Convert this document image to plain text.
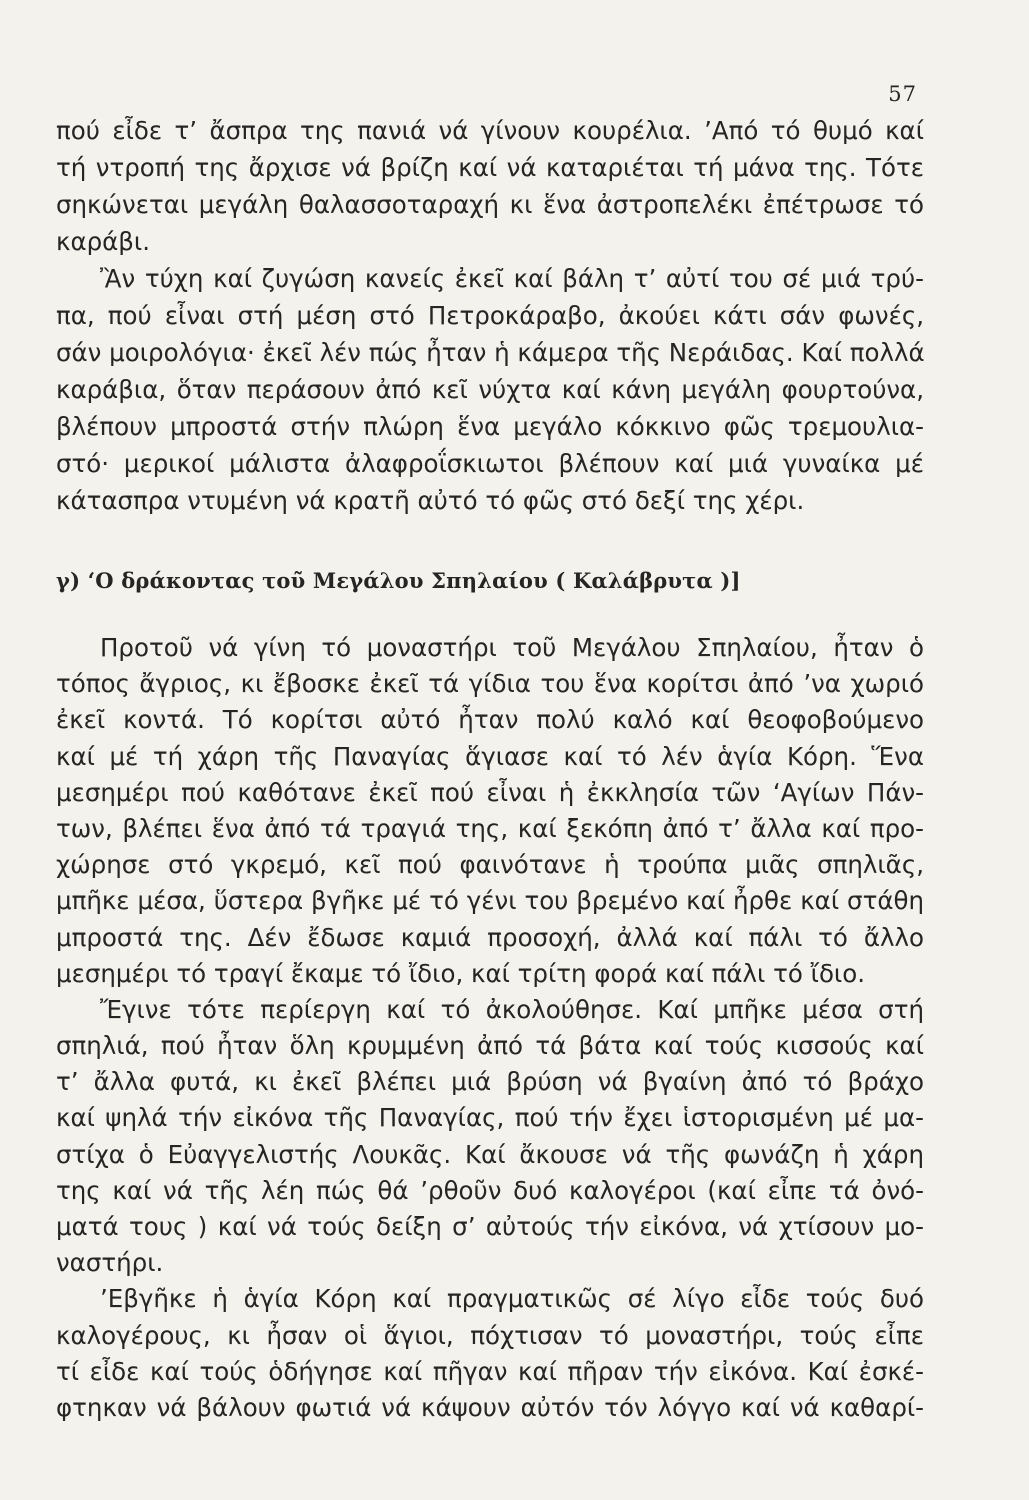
57
πού εἶδε τ’ ἄσπρα της πανιά νά γίνουν κουρέλια. ’Από τό θυμό καί
τή ντροπή της ἄρχισε νά βρίζη καί νά καταριέται τή μάνα της. Τότε
σηκώνεται μεγάλη θαλασσοταραχή κι ἕνα ἀστροπελέκι ἐπέτρωσε τό
καράβι.
Ἂν τύχη καί ζυγώση κανείς ἐκεῖ καί βάλη τ’ αὐτί του σέ μιά τρύ-
πα, πού εἶναι στή μέση στό Πετροκάραβο, ἀκούει κάτι σάν φωνές,
σάν μοιρολόγια· ἐκεῖ λέν πώς ἦταν ἡ κάμερα τῆς Νεράιδας. Καί πολλά
καράβια, ὅταν περάσουν ἀπό κεῖ νύχτα καί κάνη μεγάλη φουρτούνα,
βλέπουν μπροστά στήν πλώρη ἕνα μεγάλο κόκκινο φῶς τρεμουλια-
στό· μερικοί μάλιστα ἀλαφροΐσκιωτοι βλέπουν καί μιά γυναίκα μέ
κάτασπρα ντυμένη νά κρατῆ αὐτό τό φῶς στό δεξί της χέρι.
γ) ‘Ο δράκοντας τοῦ Μεγάλου Σπηλαίου ( Καλάβρυτα )]
Προτοῦ νά γίνη τό μοναστήρι τοῦ Μεγάλου Σπηλαίου, ἦταν ὁ
τόπος ἄγριος, κι ἔβοσκε ἐκεῖ τά γίδια του ἕνα κορίτσι ἀπό ’να χωριό
ἐκεῖ κοντά. Τό κορίτσι αὐτό ἦταν πολύ καλό καί θεοφοβούμενο
καί μέ τή χάρη τῆς Παναγίας ἅγιασε καί τό λέν ἁγία Κόρη. Ἕνα
μεσημέρι πού καθότανε ἐκεῖ πού εἶναι ἡ ἐκκλησία τῶν ‘Αγίων Πάν-
των, βλέπει ἕνα ἀπό τά τραγιά της, καί ξεκόπη ἀπό τ’ ἄλλα καί προ-
χώρησε στό γκρεμό, κεῖ πού φαινότανε ἡ τρούπα μιᾶς σπηλιᾶς,
μπῆκε μέσα, ὕστερα βγῆκε μέ τό γένι του βρεμένο καί ἦρθε καί στάθη
μπροστά της. Δέν ἔδωσε καμιά προσοχή, ἀλλά καί πάλι τό ἄλλο
μεσημέρι τό τραγί ἔκαμε τό ἴδιο, καί τρίτη φορά καί πάλι τό ἴδιο.
Ἔγινε τότε περίεργη καί τό ἀκολούθησε. Καί μπῆκε μέσα στή
σπηλιά, πού ἦταν ὅλη κρυμμένη ἀπό τά βάτα καί τούς κισσούς καί
τ’ ἄλλα φυτά, κι ἐκεῖ βλέπει μιά βρύση νά βγαίνη ἀπό τό βράχο
καί ψηλά τήν εἰκόνα τῆς Παναγίας, πού τήν ἔχει ἱστορισμένη μέ μα-
στίχα ὁ Εὐαγγελιστής Λουκᾶς. Καί ἄκουσε νά τῆς φωνάζη ἡ χάρη
της καί νά τῆς λέη πώς θά ’ρθοῦν δυό καλογέροι (καί εἶπε τά ὀνό-
ματά τους ) καί νά τούς δείξη σ’ αὐτούς τήν εἰκόνα, νά χτίσουν μο-
ναστήρι.
’Εβγῆκε ἡ ἁγία Κόρη καί πραγματικῶς σέ λίγο εἶδε τούς δυό
καλογέρους, κι ἦσαν οἱ ἅγιοι, πόχτισαν τό μοναστήρι, τούς εἶπε
τί εἶδε καί τούς ὁδήγησε καί πῆγαν καί πῆραν τήν εἰκόνα. Καί ἐσκέ-
φτηκαν νά βάλουν φωτιά νά κάψουν αὐτόν τόν λόγγο καί νά καθαρί-
